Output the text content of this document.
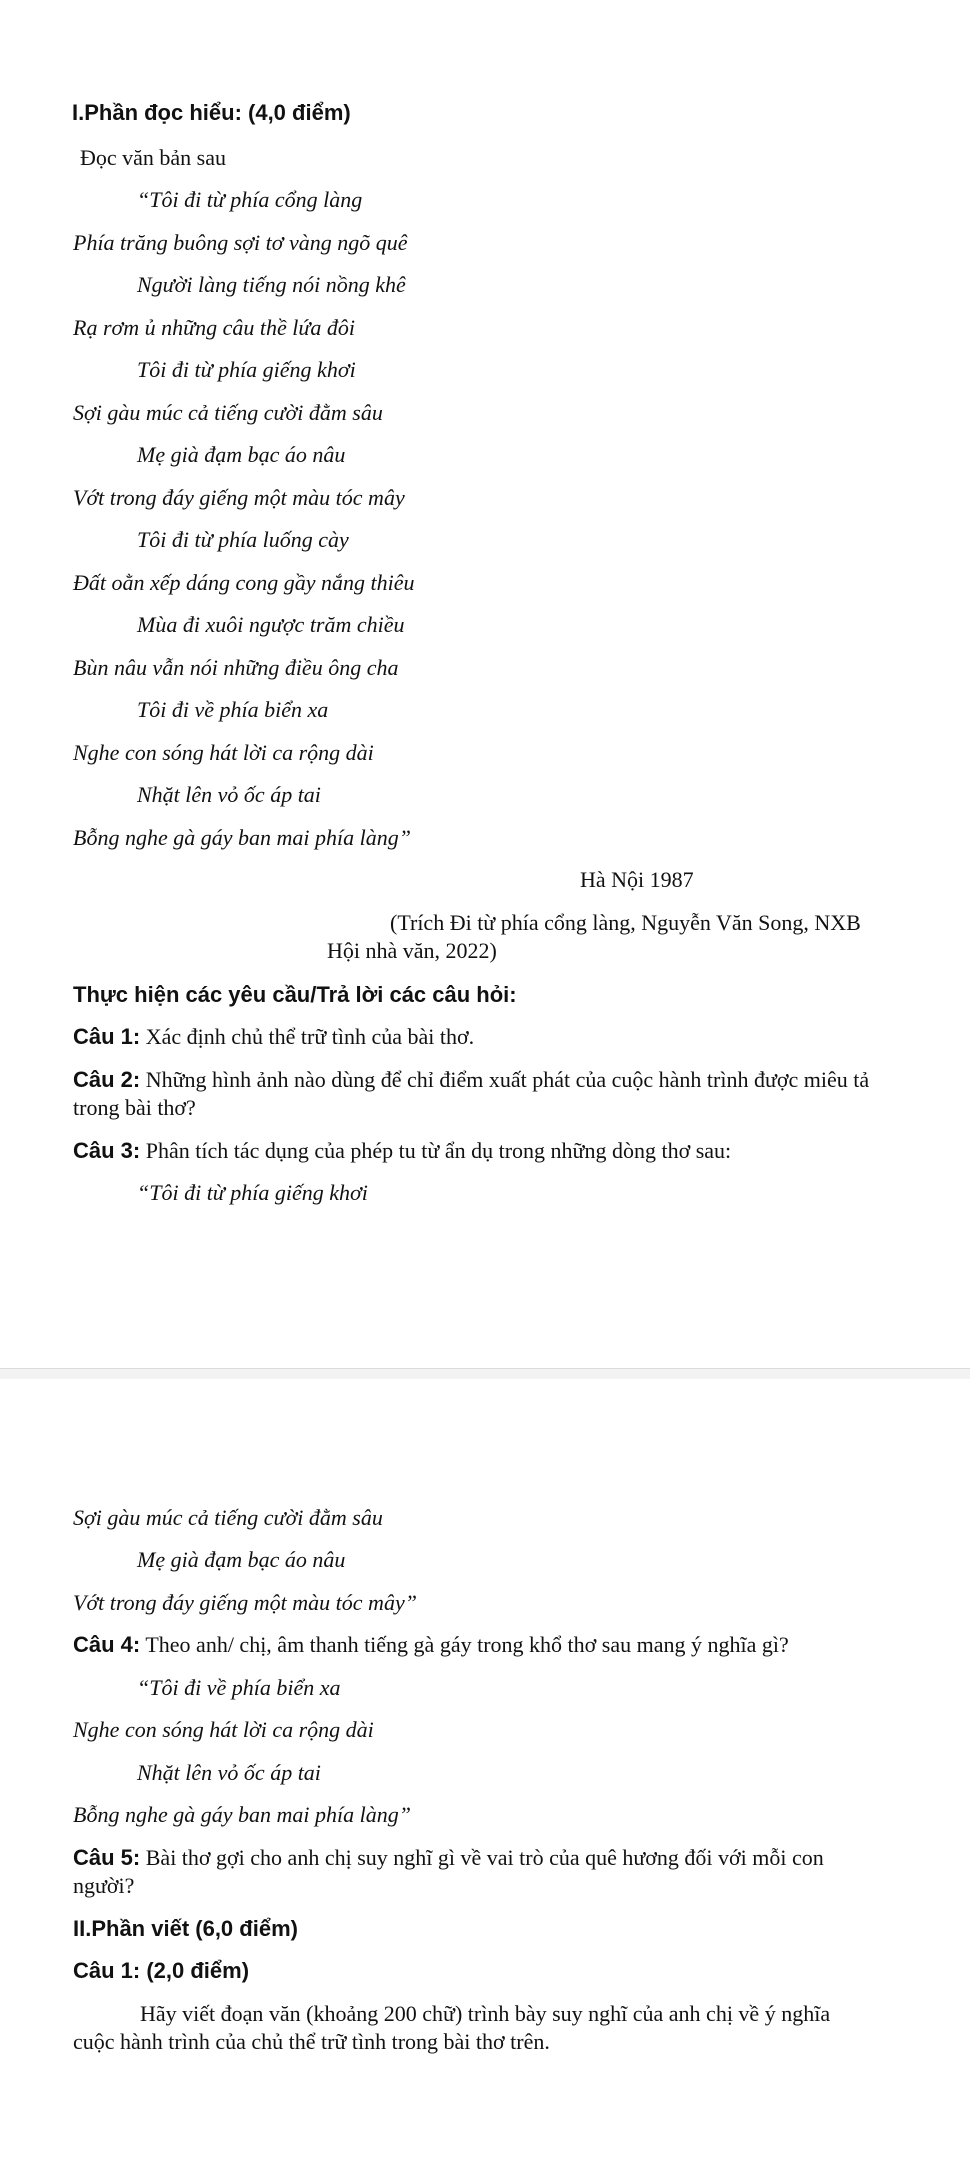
I.Phần đọc hiểu: (4,0 điểm)
Đọc văn bản sau
“Tôi đi từ phía cổng làng
Phía trăng buông sợi tơ vàng ngõ quê
Người làng tiếng nói nồng khê
Rạ rơm ủ những câu thề lứa đôi
Tôi đi từ phía giếng khơi
Sợi gàu múc cả tiếng cười đằm sâu
Mẹ già đạm bạc áo nâu
Vớt trong đáy giếng một màu tóc mây
Tôi đi từ phía luống cày
Đất oằn xếp dáng cong gầy nắng thiêu
Mùa đi xuôi ngược trăm chiều
Bùn nâu vẫn nói những điều ông cha
Tôi đi về phía biển xa
Nghe con sóng hát lời ca rộng dài
Nhặt lên vỏ ốc áp tai
Bỗng nghe gà gáy ban mai phía làng”
Hà Nội 1987
(Trích Đi từ phía cổng làng, Nguyễn Văn Song, NXB
Hội nhà văn, 2022)
Thực hiện các yêu cầu/Trả lời các câu hỏi:
Câu 1: Xác định chủ thể trữ tình của bài thơ.
Câu 2: Những hình ảnh nào dùng để chỉ điểm xuất phát của cuộc hành trình được miêu tả
trong bài thơ?
Câu 3: Phân tích tác dụng của phép tu từ ẩn dụ trong những dòng thơ sau:
“Tôi đi từ phía giếng khơi
Sợi gàu múc cả tiếng cười đằm sâu
Mẹ già đạm bạc áo nâu
Vớt trong đáy giếng một màu tóc mây”
Câu 4: Theo anh/ chị, âm thanh tiếng gà gáy trong khổ thơ sau mang ý nghĩa gì?
“Tôi đi về phía biển xa
Nghe con sóng hát lời ca rộng dài
Nhặt lên vỏ ốc áp tai
Bỗng nghe gà gáy ban mai phía làng”
Câu 5: Bài thơ gợi cho anh chị suy nghĩ gì về vai trò của quê hương đối với mỗi con
người?
II.Phần viết (6,0 điểm)
Câu 1: (2,0 điểm)
Hãy viết đoạn văn (khoảng 200 chữ) trình bày suy nghĩ của anh chị về ý nghĩa
cuộc hành trình của chủ thể trữ tình trong bài thơ trên.
